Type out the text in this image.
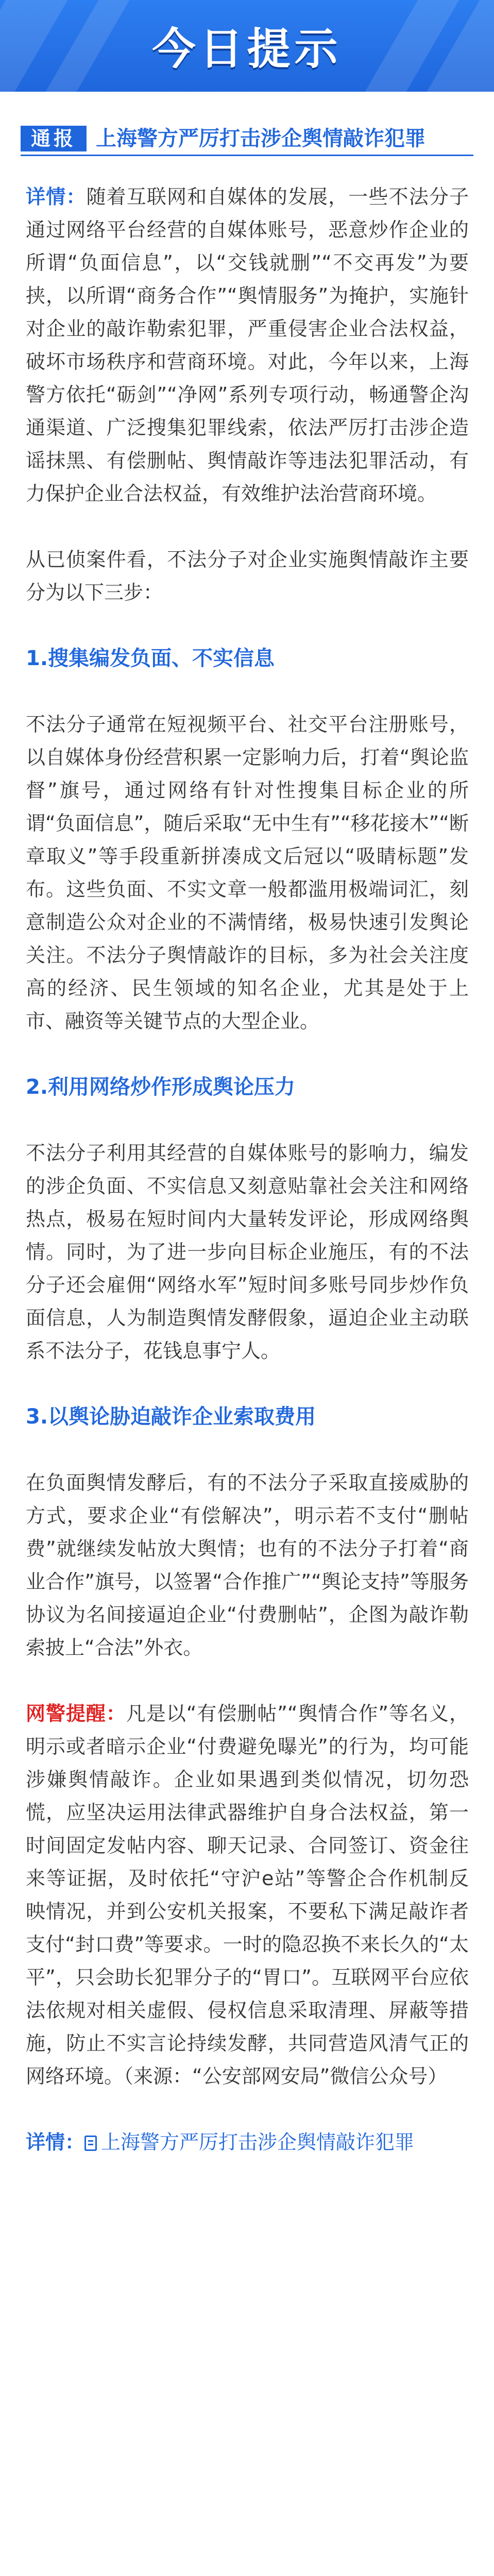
今日提示
通报 上海警方严厉打击涉企舆情敲诈犯罪

详情：随着互联网和自媒体的发展，一些不法分子通过网络平台经营的自媒体账号，恶意炒作企业的所谓“负面信息”，以“交钱就删”“不交再发”为要挟，以所谓“商务合作”“舆情服务”为掩护，实施针对企业的敲诈勒索犯罪，严重侵害企业合法权益，破坏市场秩序和营商环境。对此，今年以来，上海警方依托“砺剑”“净网”系列专项行动，畅通警企沟通渠道、广泛搜集犯罪线索，依法严厉打击涉企造谣抹黑、有偿删帖、舆情敲诈等违法犯罪活动，有力保护企业合法权益，有效维护法治营商环境。

从已侦案件看，不法分子对企业实施舆情敲诈主要分为以下三步：

1.搜集编发负面、不实信息

不法分子通常在短视频平台、社交平台注册账号，以自媒体身份经营积累一定影响力后，打着“舆论监督”旗号，通过网络有针对性搜集目标企业的所谓“负面信息”，随后采取“无中生有”“移花接木”“断章取义”等手段重新拼凑成文后冠以“吸睛标题”发布。这些负面、不实文章一般都滥用极端词汇，刻意制造公众对企业的不满情绪，极易快速引发舆论关注。不法分子舆情敲诈的目标，多为社会关注度高的经济、民生领域的知名企业，尤其是处于上市、融资等关键节点的大型企业。

2.利用网络炒作形成舆论压力

不法分子利用其经营的自媒体账号的影响力，编发的涉企负面、不实信息又刻意贴靠社会关注和网络热点，极易在短时间内大量转发评论，形成网络舆情。同时，为了进一步向目标企业施压，有的不法分子还会雇佣“网络水军”短时间多账号同步炒作负面信息，人为制造舆情发酵假象，逼迫企业主动联系不法分子，花钱息事宁人。

3.以舆论胁迫敲诈企业索取费用

在负面舆情发酵后，有的不法分子采取直接威胁的方式，要求企业“有偿解决”，明示若不支付“删帖费”就继续发帖放大舆情；也有的不法分子打着“商业合作”旗号，以签署“合作推广”“舆论支持”等服务协议为名间接逼迫企业“付费删帖”，企图为敲诈勒索披上“合法”外衣。

网警提醒：凡是以“有偿删帖”“舆情合作”等名义，明示或者暗示企业“付费避免曝光”的行为，均可能涉嫌舆情敲诈。企业如果遇到类似情况，切勿恐慌，应坚决运用法律武器维护自身合法权益，第一时间固定发帖内容、聊天记录、合同签订、资金往来等证据，及时依托“守沪e站”等警企合作机制反映情况，并到公安机关报案，不要私下满足敲诈者支付“封口费”等要求。一时的隐忍换不来长久的“太平”，只会助长犯罪分子的“胃口”。互联网平台应依法依规对相关虚假、侵权信息采取清理、屏蔽等措施，防止不实言论持续发酵，共同营造风清气正的网络环境。（来源：“公安部网安局”微信公众号）

详情： 上海警方严厉打击涉企舆情敲诈犯罪
